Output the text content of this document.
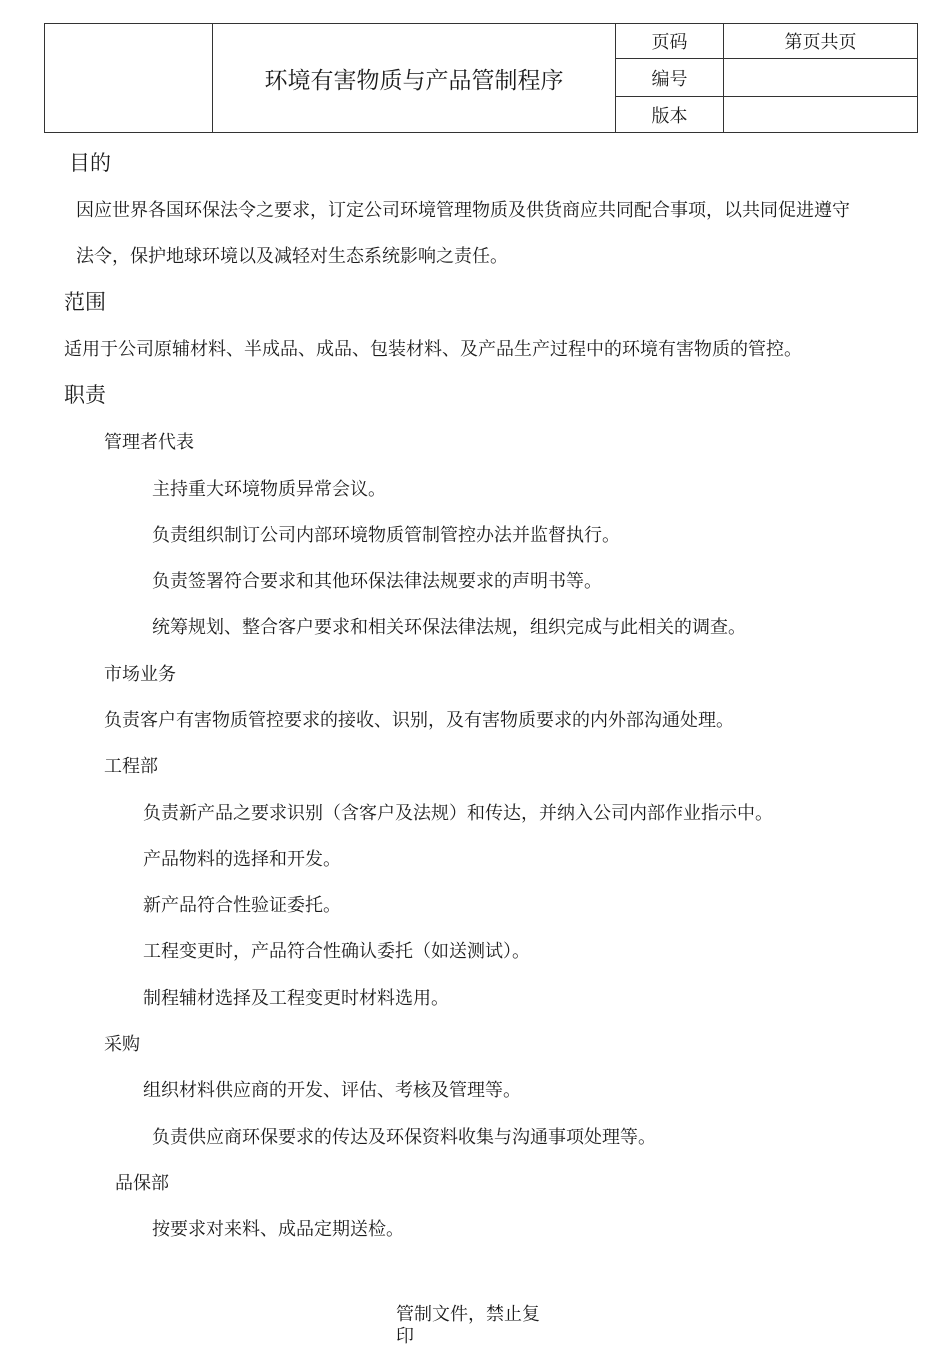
	环境有害物质与产品管制程序	页码	第页共页
		编号	
		版本	
目的
因应世界各国环保法令之要求，订定公司环境管理物质及供货商应共同配合事项，以共同促进遵守
法令，保护地球环境以及减轻对生态系统影响之责任。
范围
适用于公司原辅材料、半成品、成品、包装材料、及产品生产过程中的环境有害物质的管控。
职责
管理者代表
主持重大环境物质异常会议。
负责组织制订公司内部环境物质管制管控办法并监督执行。
负责签署符合要求和其他环保法律法规要求的声明书等。
统筹规划、整合客户要求和相关环保法律法规，组织完成与此相关的调查。
市场业务
负责客户有害物质管控要求的接收、识别，及有害物质要求的内外部沟通处理。
工程部
负责新产品之要求识别（含客户及法规）和传达，并纳入公司内部作业指示中。
产品物料的选择和开发。
新产品符合性验证委托。
工程变更时，产品符合性确认委托（如送测试）。
制程辅材选择及工程变更时材料选用。
采购
组织材料供应商的开发、评估、考核及管理等。
负责供应商环保要求的传达及环保资料收集与沟通事项处理等。
品保部
按要求对来料、成品定期送检。
管制文件，禁止复印
